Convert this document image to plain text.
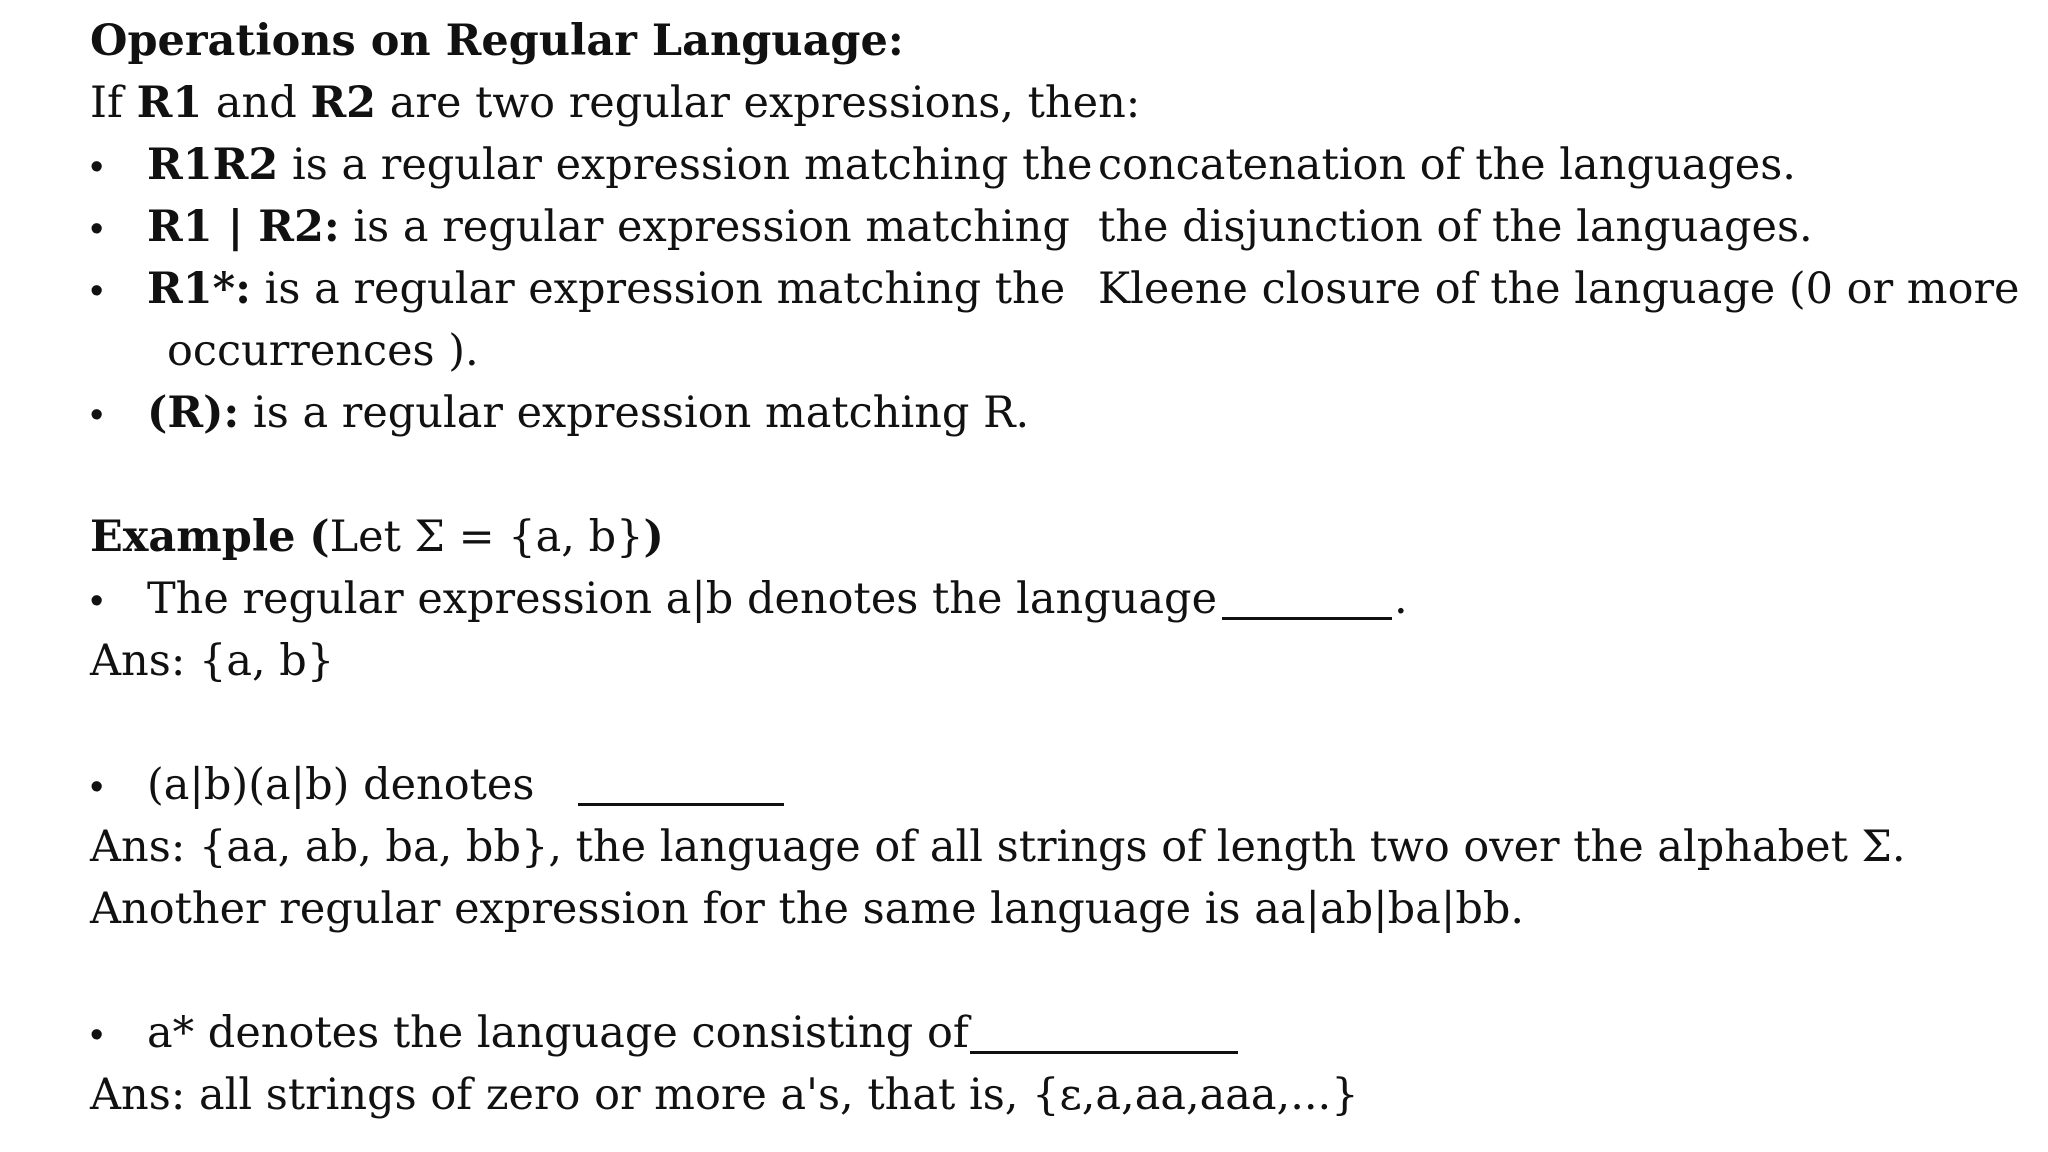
Operations on Regular Language:
If R1 and R2 are two regular expressions, then:
• R1R2 is a regular expression matching the concatenation of the languages.
• R1 | R2: is a regular expression matching the disjunction of the languages.
• R1*: is a regular expression matching the Kleene closure of the language (0 or more
occurrences ).
• (R): is a regular expression matching R.
Example (Let Σ = {a, b})
• The regular expression a|b denotes the language	.
Ans: {a, b}
• (a|b)(a|b) denotes
Ans: {aa, ab, ba, bb}, the language of all strings of length two over the alphabet Σ.
Another regular expression for the same language is aa|ab|ba|bb.
• a* denotes the language consisting of
Ans: all strings of zero or more a's, that is, {ε,a,aa,aaa,...}
